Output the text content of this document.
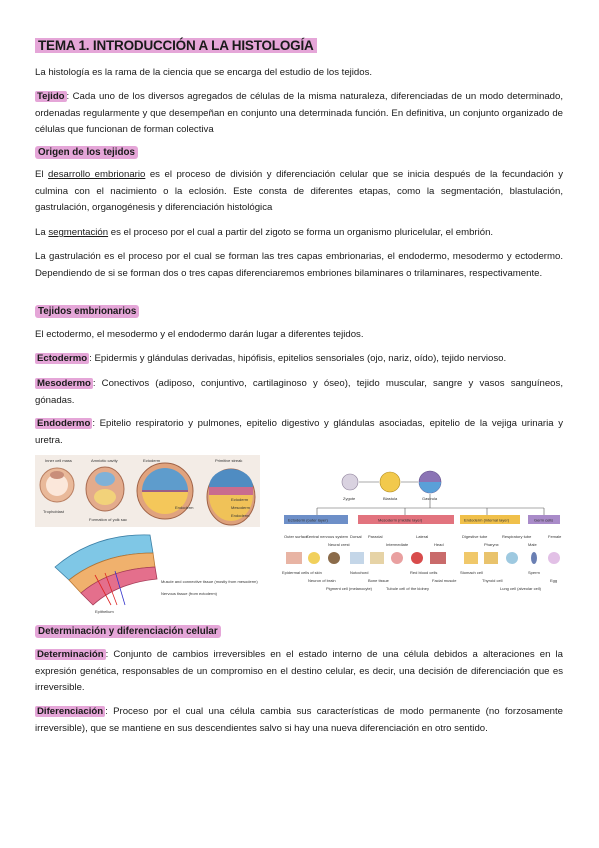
TEMA 1. INTRODUCCIÓN A LA HISTOLOGÍA
La histología es la rama de la ciencia que se encarga del estudio de los tejidos.
Tejido : Cada uno de los diversos agregados de células de la misma naturaleza, diferenciadas de un modo determinado, ordenadas regularmente y que desempeñan en conjunto una determinada función. En definitiva, un conjunto organizado de células que funcionan de forman colectiva
Origen de los tejidos
El desarrollo embrionario es el proceso de división y diferenciación celular que se inicia después de la fecundación y culmina con el nacimiento o la eclosión. Este consta de diferentes etapas, como la segmentación, blastulación, gastrulación, organogénesis y diferenciación histológica
La segmentación es el proceso por el cual a partir del zigoto se forma un organismo pluricelular, el embrión.
La gastrulación es el proceso por el cual se forman las tres capas embrionarias, el endodermo, mesodermo y ectodermo. Dependiendo de si se forman dos o tres capas diferenciaremos embriones bilaminares o trilaminares, respectivamente.
Tejidos embrionarios
El ectodermo, el mesodermo y el endodermo darán lugar a diferentes tejidos.
Ectodermo : Epidermis y glándulas derivadas, hipófisis, epitelios sensoriales (ojo, nariz, oído), tejido nervioso.
Mesodermo : Conectivos (adiposo, conjuntivo, cartilaginoso y óseo), tejido muscular, sangre y vasos sanguíneos, gónadas.
Endodermo : Epitelio respiratorio y pulmones, epitelio digestivo y glándulas asociadas, epitelio de la vejiga urinaria y uretra.
Inner cell mass	Amniotic cavity	Ectoderm	Primitive streak
Trophoblast
Formation of yolk sac
Endoderm	Mesoderm
Ectoderm
Endoderm
Muscle and connective tissue (mostly from mesoderm)
Nervous tissue (from ectoderm)
Epithelium
Zygote	Blastula	Gastrula
Ectoderm (outer layer)	Mesoderm (middle layer)	Endoderm (internal layer)	Germ cells
Outer surface
Central nervous system
Neural crest
Dorsal Paraxial
Intermediate
Lateral
Head
Digestive tube
Pharynx
Respiratory tube
Male
Female
Epidermal cells of skin
Neuron of brain
Pigment cell (melanocyte)
Notochord
Bone tissue
Tubule cell of the kidney
Red blood cells
Facial muscle
Stomach cell
Thyroid cell
Lung cell (alveolar cell)
Sperm
Egg
Determinación y diferenciación celular
Determinación : Conjunto de cambios irreversibles en el estado interno de una célula debidos a alteraciones en la expresión genética, responsables de un compromiso en el destino celular, es decir, una decisión de diferenciación que es irreversible.
Diferenciación : Proceso por el cual una célula cambia sus características de modo permanente (no forzosamente irreversible), que se mantiene en sus descendientes salvo si hay una nueva diferenciación en otro sentido.
